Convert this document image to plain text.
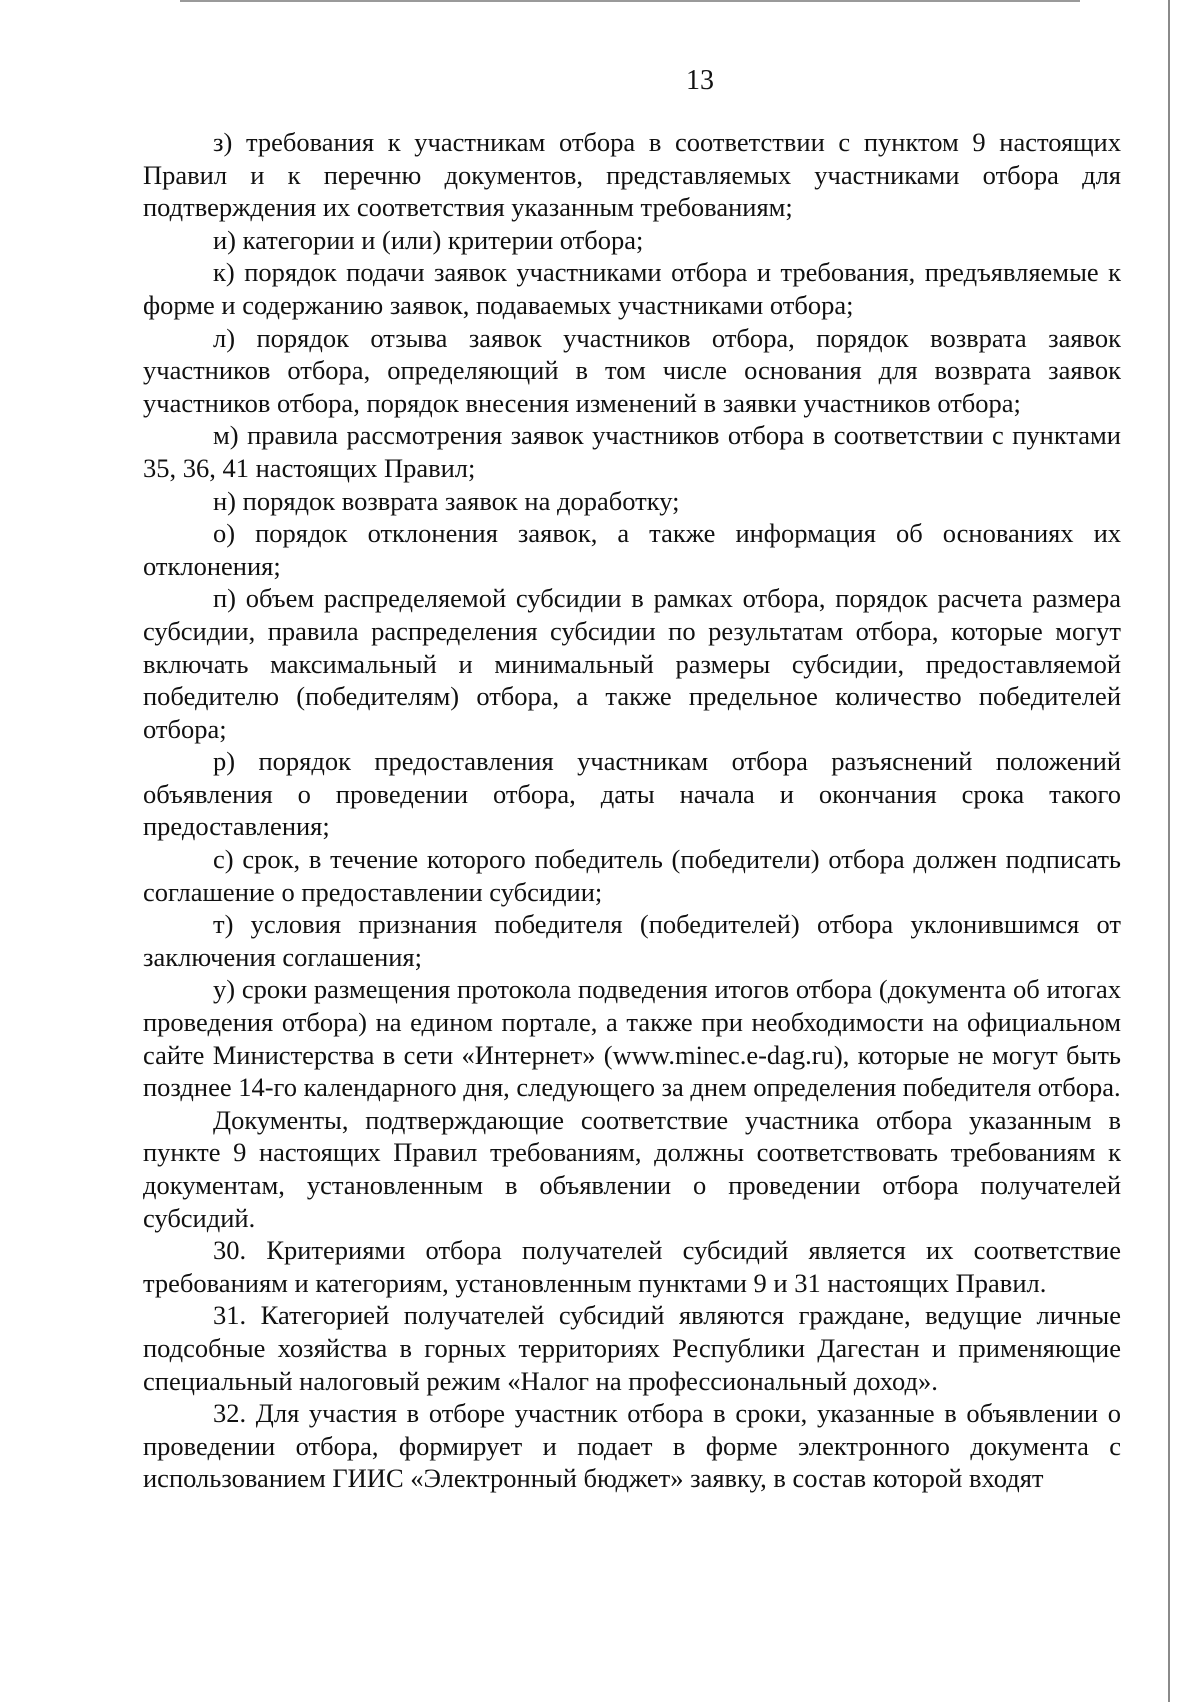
13

з) требования к участникам отбора в соответствии с пунктом 9 настоящих Правил и к перечню документов, представляемых участниками отбора для подтверждения их соответствия указанным требованиям;

и) категории и (или) критерии отбора;

к) порядок подачи заявок участниками отбора и требования, предъявляемые к форме и содержанию заявок, подаваемых участниками отбора;

л) порядок отзыва заявок участников отбора, порядок возврата заявок участников отбора, определяющий в том числе основания для возврата заявок участников отбора, порядок внесения изменений в заявки участников отбора;

м) правила рассмотрения заявок участников отбора в соответствии с пунктами 35, 36, 41 настоящих Правил;

н) порядок возврата заявок на доработку;

о) порядок отклонения заявок, а также информация об основаниях их отклонения;

п) объем распределяемой субсидии в рамках отбора, порядок расчета размера субсидии, правила распределения субсидии по результатам отбора, которые могут включать максимальный и минимальный размеры субсидии, предоставляемой победителю (победителям) отбора, а также предельное количество победителей отбора;

р) порядок предоставления участникам отбора разъяснений положений объявления о проведении отбора, даты начала и окончания срока такого предоставления;

с) срок, в течение которого победитель (победители) отбора должен подписать соглашение о предоставлении субсидии;

т) условия признания победителя (победителей) отбора уклонившимся от заключения соглашения;

у) сроки размещения протокола подведения итогов отбора (документа об итогах проведения отбора) на едином портале, а также при необходимости на официальном сайте Министерства в сети «Интернет» (www.minec.e-dag.ru), которые не могут быть позднее 14-го календарного дня, следующего за днем определения победителя отбора.

Документы, подтверждающие соответствие участника отбора указанным в пункте 9 настоящих Правил требованиям, должны соответствовать требованиям к документам, установленным в объявлении о проведении отбора получателей субсидий.

30. Критериями отбора получателей субсидий является их соответствие требованиям и категориям, установленным пунктами 9 и 31 настоящих Правил.

31. Категорией получателей субсидий являются граждане, ведущие личные подсобные хозяйства в горных территориях Республики Дагестан и применяющие специальный налоговый режим «Налог на профессиональный доход».

32. Для участия в отборе участник отбора в сроки, указанные в объявлении о проведении отбора, формирует и подает в форме электронного документа с использованием ГИИС «Электронный бюджет» заявку, в состав которой входят
